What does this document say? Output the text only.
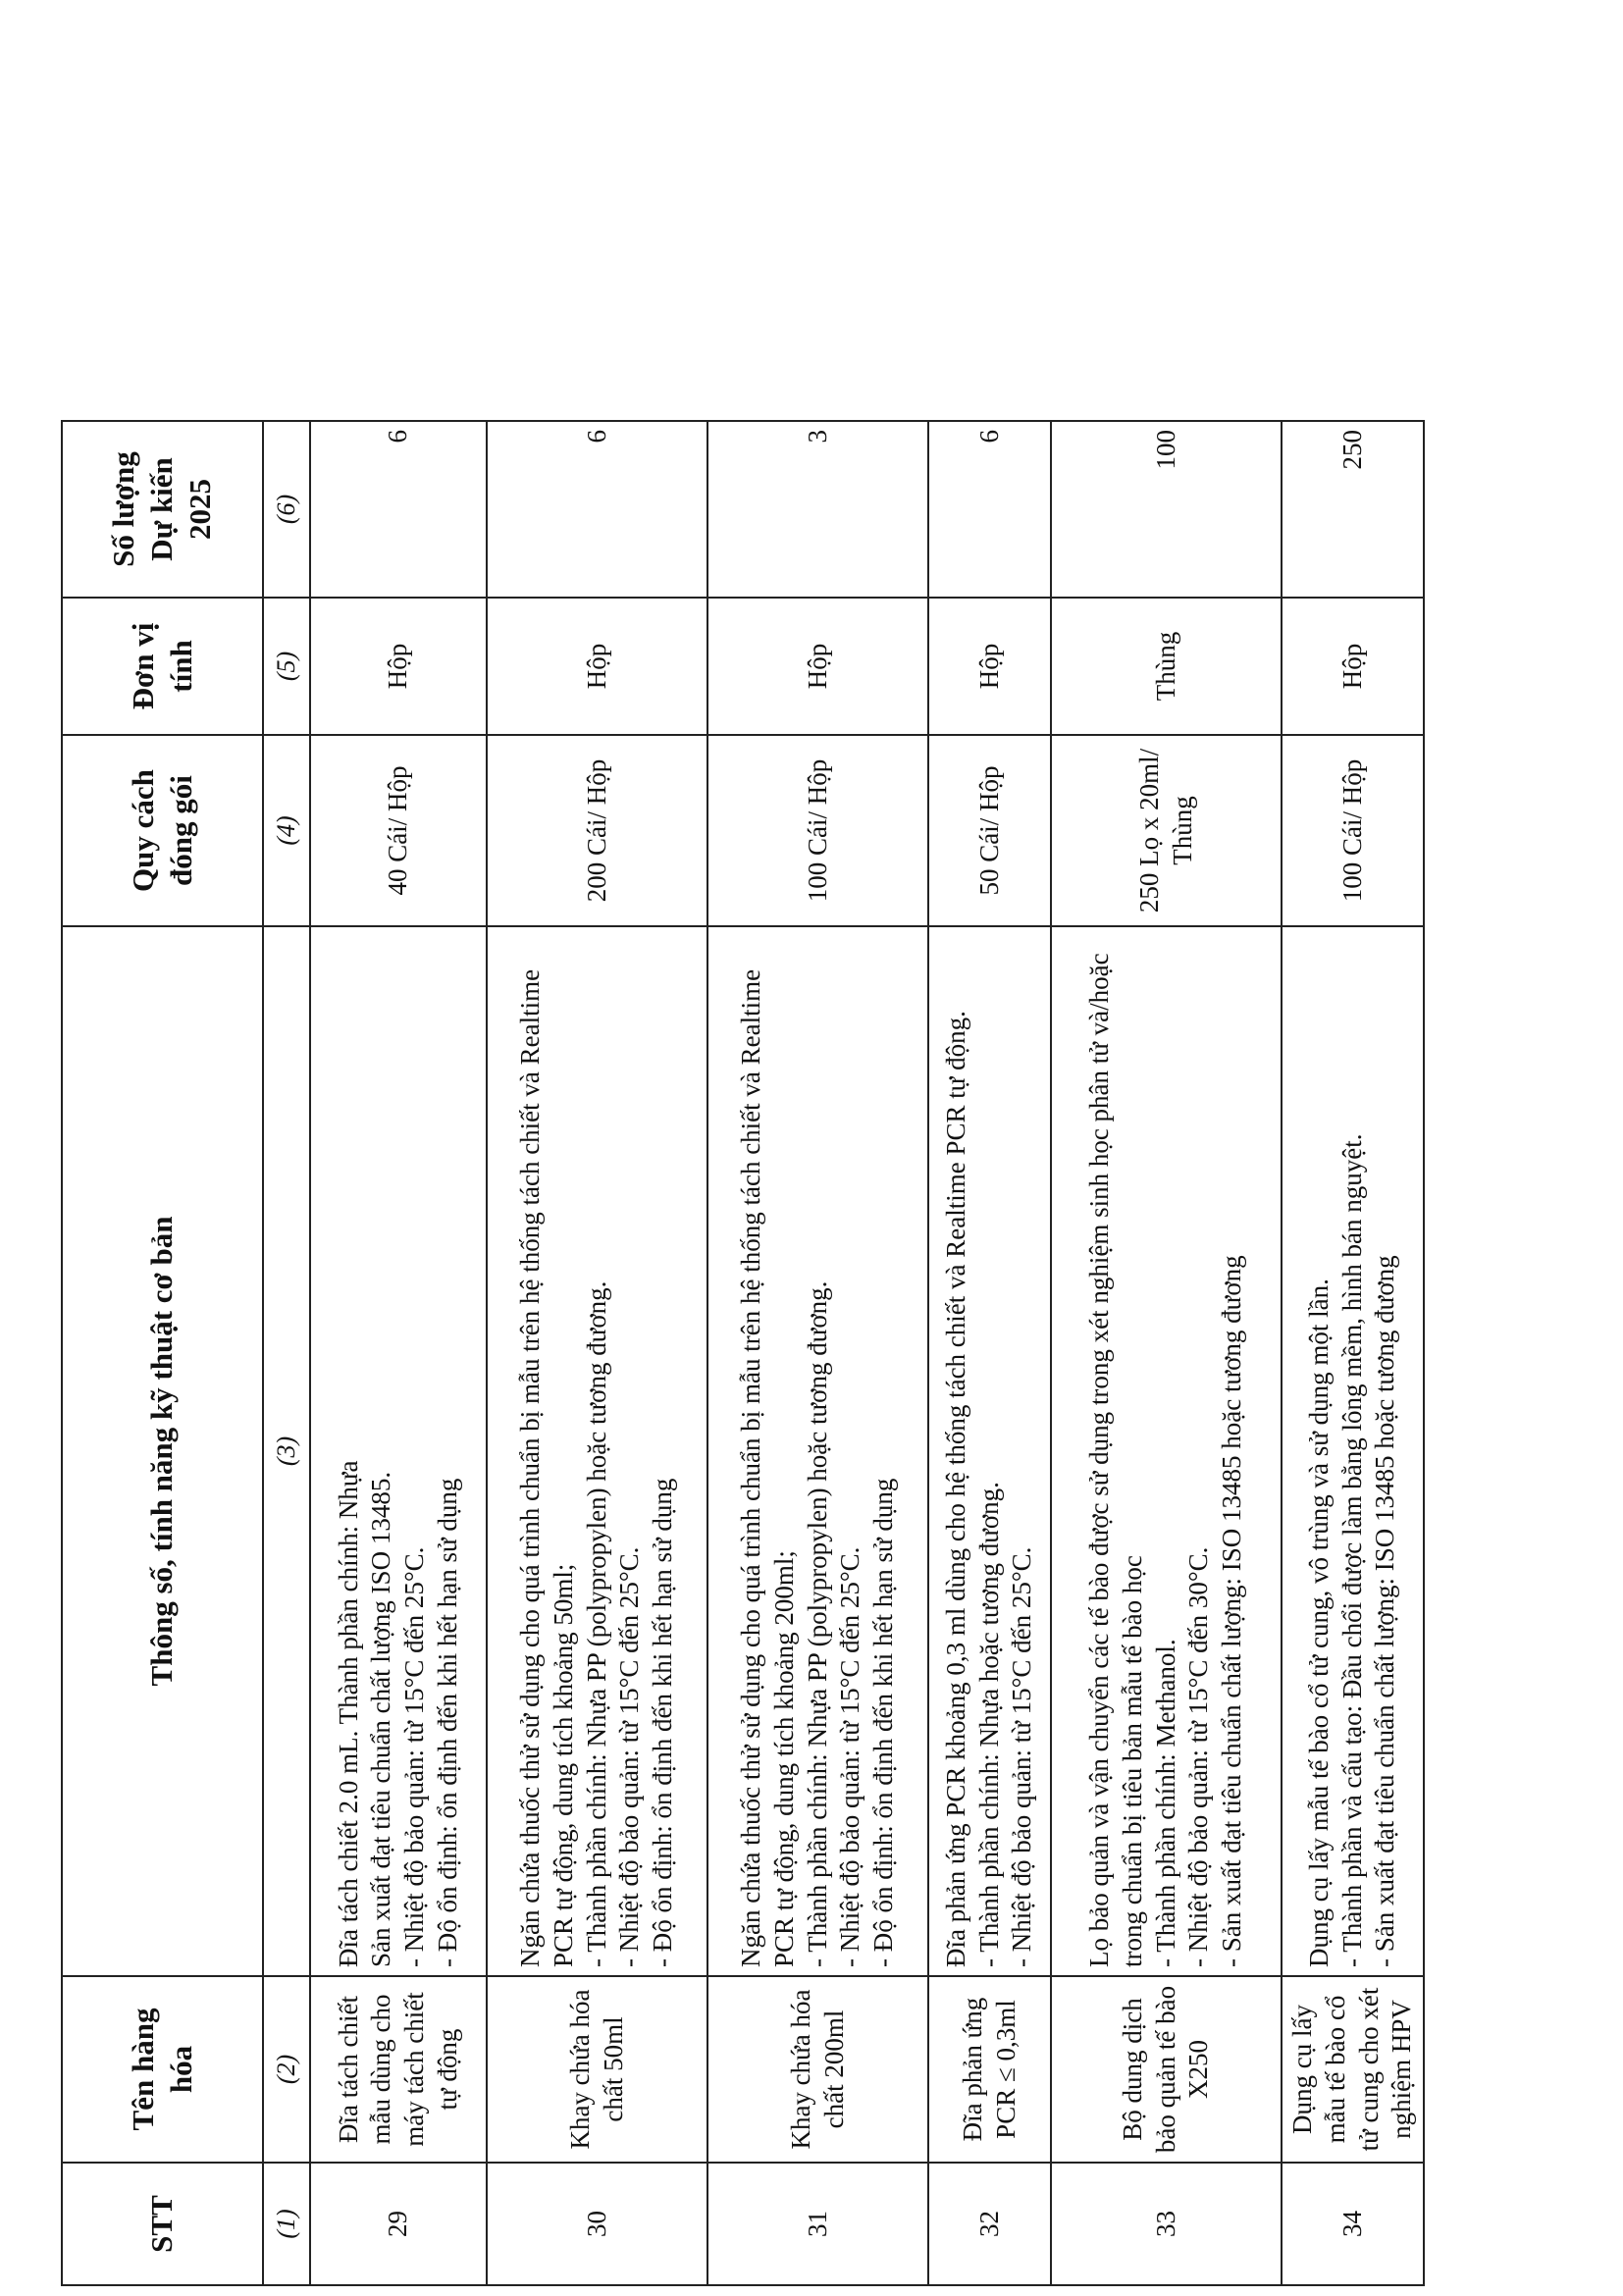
STT	Tên hàng hóa	Thông số, tính năng kỹ thuật cơ bản	Quy cách đóng gói	Đơn vị tính	Số lượng Dự kiến 2025
(1)	(2)	(3)	(4)	(5)	(6)
29	Đĩa tách chiết mẫu dùng cho máy tách chiết tự động	Đĩa tách chiết 2.0 mL. Thành phần chính: Nhựa Sản xuất đạt tiêu chuẩn chất lượng ISO 13485. - Nhiệt độ bảo quản: từ 15°C đến 25°C. - Độ ổn định: ổn định đến khi hết hạn sử dụng	40 Cái/ Hộp	Hộp	6
30	Khay chứa hóa chất 50ml	Ngăn chứa thuốc thử sử dụng cho quá trình chuẩn bị mẫu trên hệ thống tách chiết và Realtime PCR tự động, dung tích khoảng 50ml; - Thành phần chính: Nhựa PP (polypropylen) hoặc tương đương. - Nhiệt độ bảo quản: từ 15°C đến 25°C. - Độ ổn định: ổn định đến khi hết hạn sử dụng	200 Cái/ Hộp	Hộp	6
31	Khay chứa hóa chất 200ml	Ngăn chứa thuốc thử sử dụng cho quá trình chuẩn bị mẫu trên hệ thống tách chiết và Realtime PCR tự động, dung tích khoảng 200ml; - Thành phần chính: Nhựa PP (polypropylen) hoặc tương đương. - Nhiệt độ bảo quản: từ 15°C đến 25°C. - Độ ổn định: ổn định đến khi hết hạn sử dụng	100 Cái/ Hộp	Hộp	3
32	Đĩa phản ứng PCR ≤ 0,3ml	Đĩa phản ứng PCR khoảng 0,3 ml dùng cho hệ thống tách chiết và Realtime PCR tự động. - Thành phần chính: Nhựa hoặc tương đương. - Nhiệt độ bảo quản: từ 15°C đến 25°C.	50 Cái/ Hộp	Hộp	6
33	Bộ dung dịch bảo quản tế bào X250	Lọ bảo quản và vận chuyển các tế bào được sử dụng trong xét nghiệm sinh học phân tử và/hoặc trong chuẩn bị tiêu bản mẫu tế bào học - Thành phần chính: Methanol. - Nhiệt độ bảo quản: từ 15°C đến 30°C. - Sản xuất đạt tiêu chuẩn chất lượng: ISO 13485 hoặc tương đương	250 Lọ x 20ml/ Thùng	Thùng	100
34	Dụng cụ lấy mẫu tế bào cổ tử cung cho xét nghiệm HPV	Dụng cụ lấy mẫu tế bào cổ tử cung, vô trùng và sử dụng một lần. - Thành phần và cấu tạo: Đầu chổi được làm bằng lông mềm, hình bán nguyệt. - Sản xuất đạt tiêu chuẩn chất lượng: ISO 13485 hoặc tương đương	100 Cái/ Hộp	Hộp	250
